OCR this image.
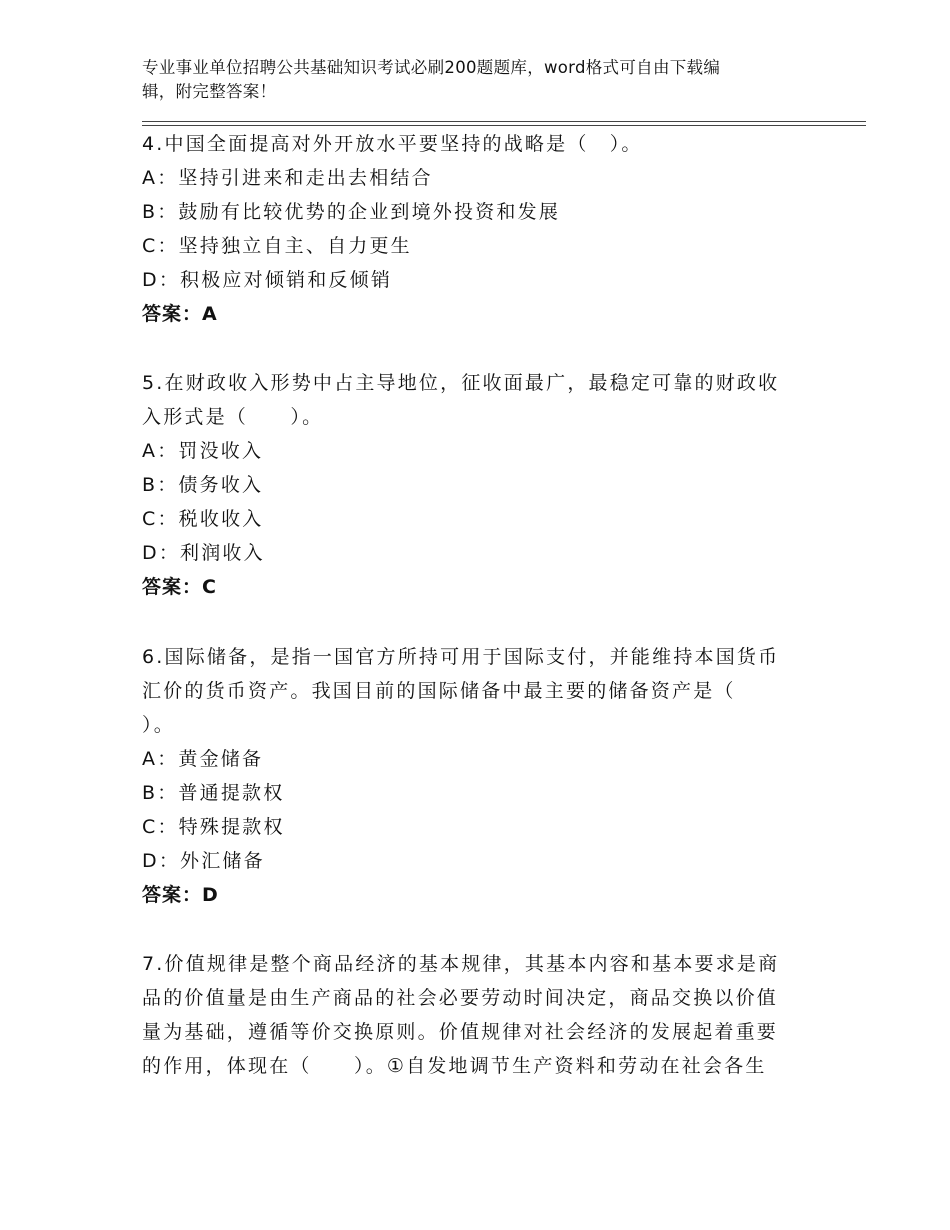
专业事业单位招聘公共基础知识考试必刷200题题库，word格式可自由下载编
辑，附完整答案！
4.中国全面提高对外开放水平要坚持的战略是（　）。
A：坚持引进来和走出去相结合
B：鼓励有比较优势的企业到境外投资和发展
C：坚持独立自主、自力更生
D：积极应对倾销和反倾销
答案：A
5.在财政收入形势中占主导地位，征收面最广，最稳定可靠的财政收
入形式是（　　）。
A：罚没收入
B：债务收入
C：税收收入
D：利润收入
答案：C
6.国际储备，是指一国官方所持可用于国际支付，并能维持本国货币
汇价的货币资产。我国目前的国际储备中最主要的储备资产是（
）。
A：黄金储备
B：普通提款权
C：特殊提款权
D：外汇储备
答案：D
7.价值规律是整个商品经济的基本规律，其基本内容和基本要求是商
品的价值量是由生产商品的社会必要劳动时间决定，商品交换以价值
量为基础，遵循等价交换原则。价值规律对社会经济的发展起着重要
的作用，体现在（　　）。①自发地调节生产资料和劳动在社会各生
